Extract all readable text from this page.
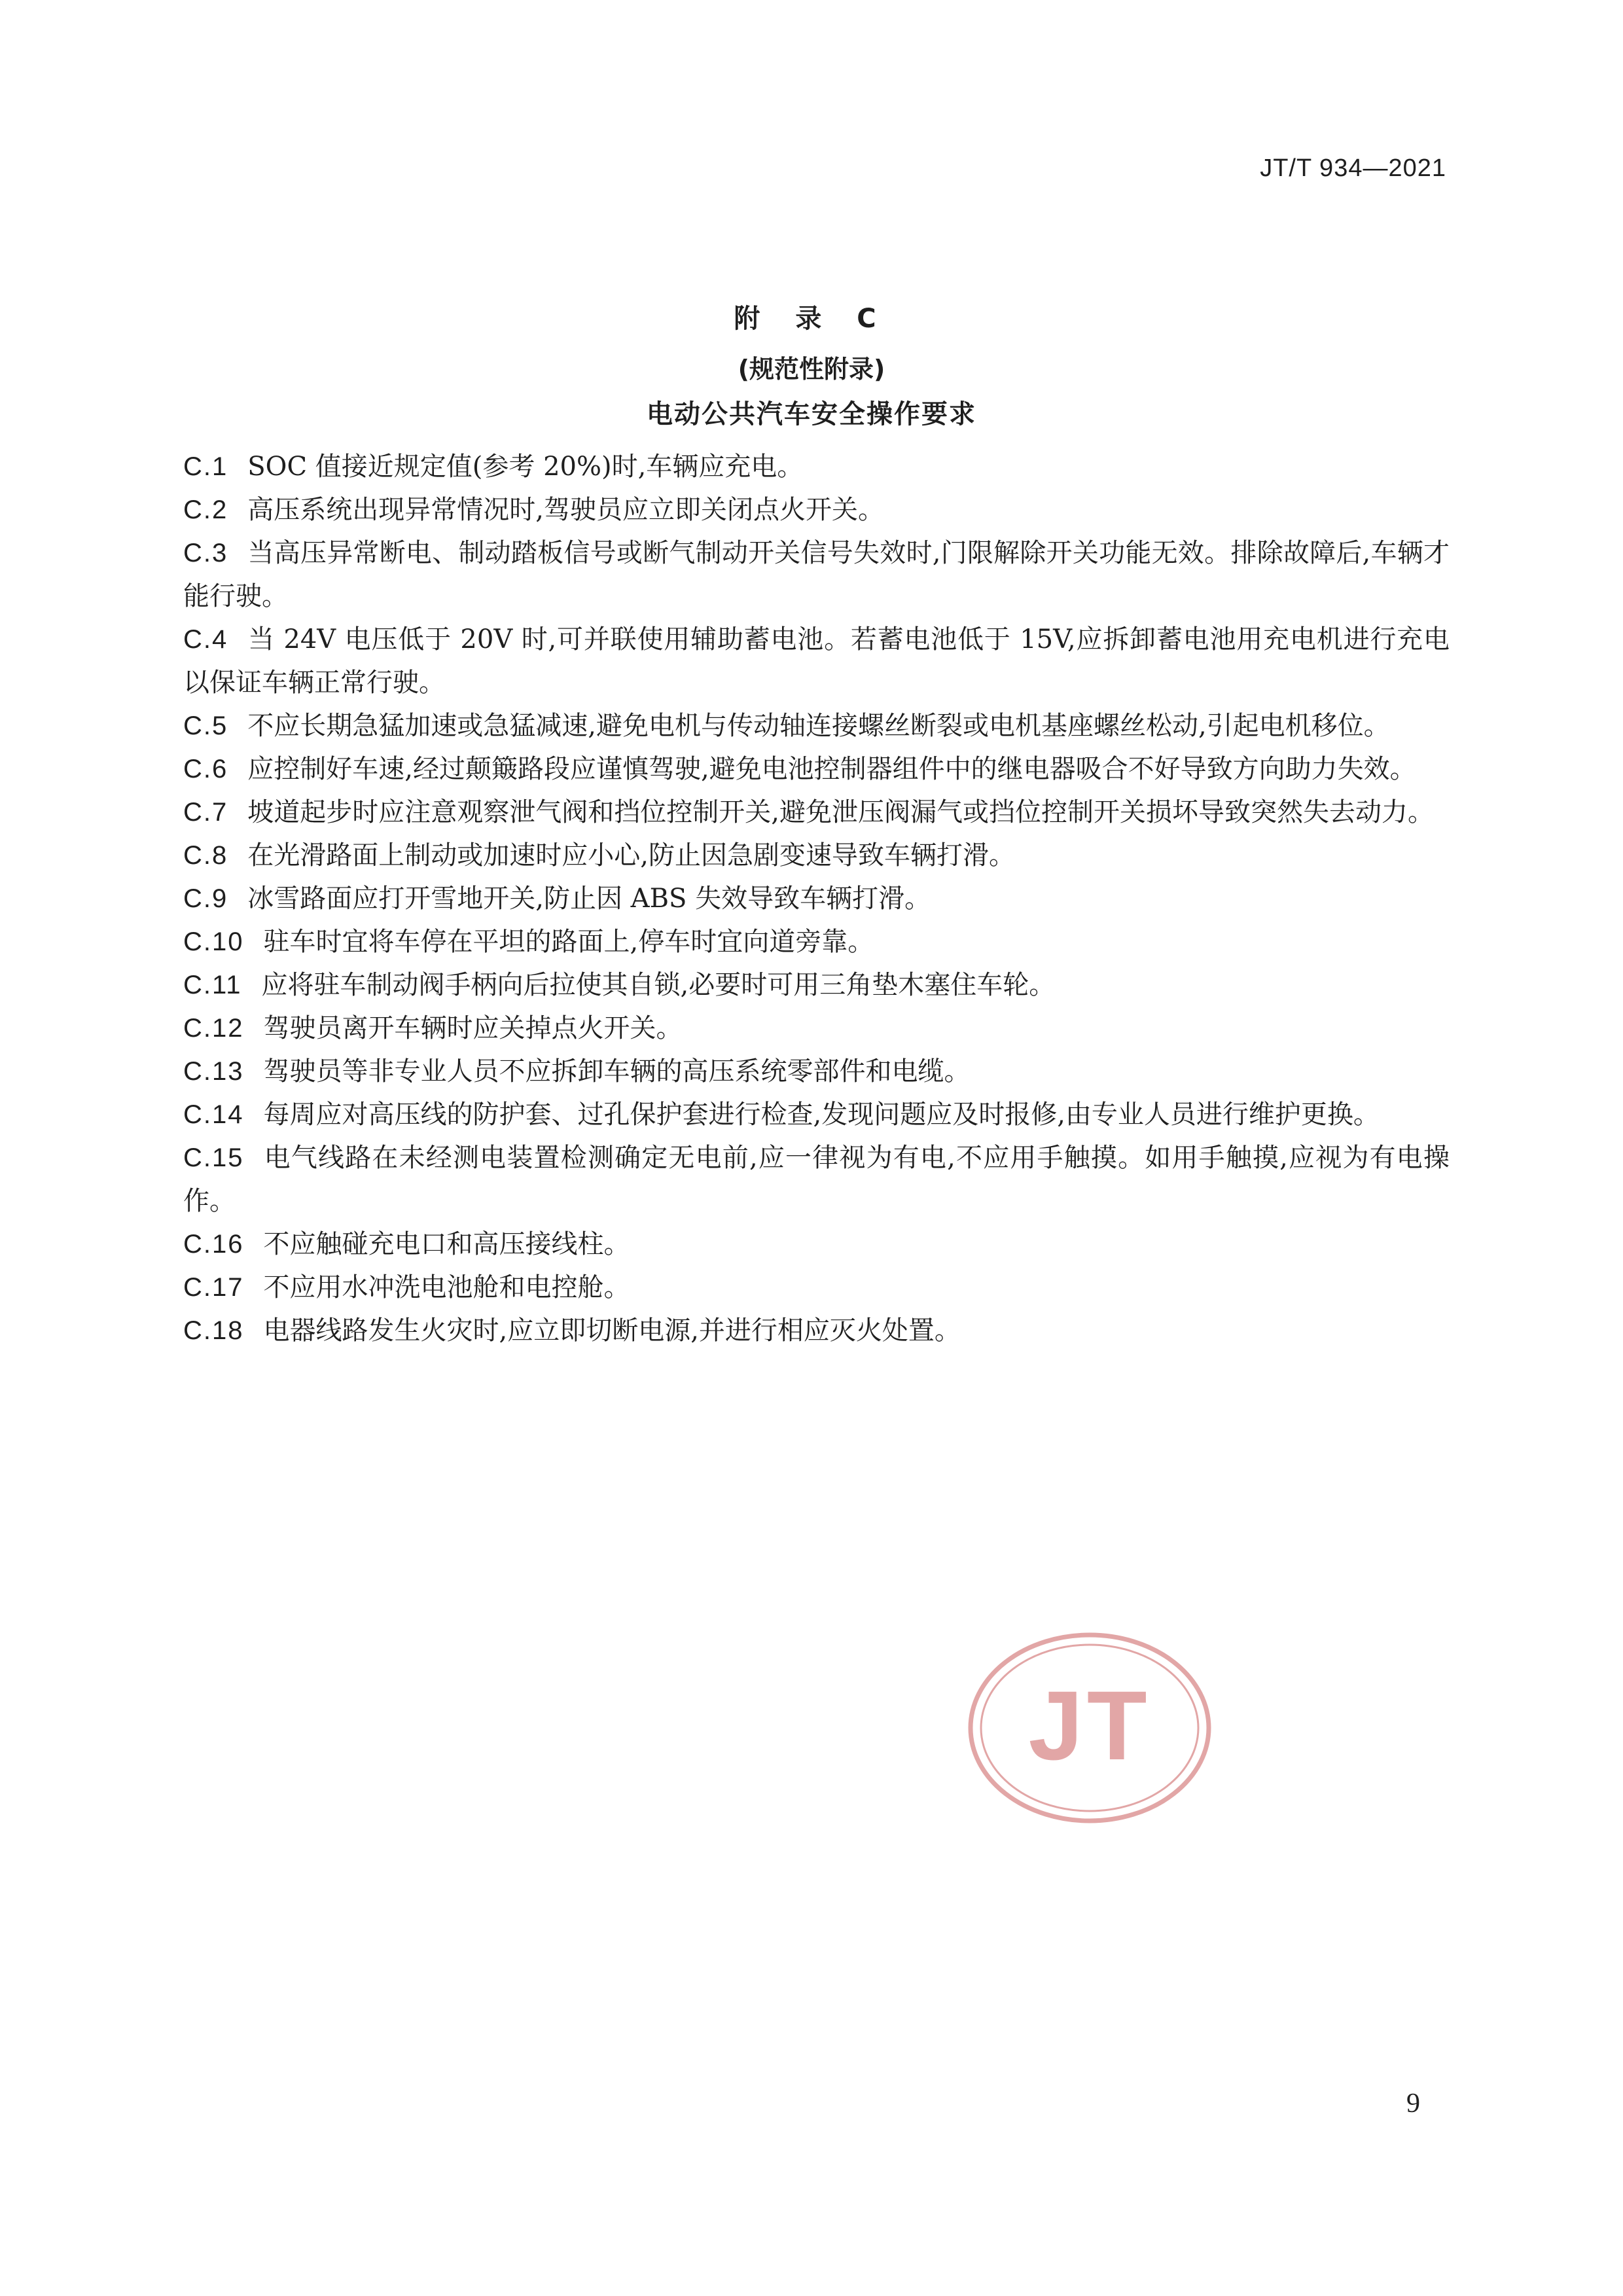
JT/T 934—2021
附 录 C
(规范性附录)
电动公共汽车安全操作要求

C.1 SOC 值接近规定值(参考 20%)时,车辆应充电。

C.2 高压系统出现异常情况时,驾驶员应立即关闭点火开关。

C.3 当高压异常断电、制动踏板信号或断气制动开关信号失效时,门限解除开关功能无效。排除故障后,车辆才能行驶。

C.4 当 24V 电压低于 20V 时,可并联使用辅助蓄电池。若蓄电池低于 15V,应拆卸蓄电池用充电机进行充电以保证车辆正常行驶。

C.5 不应长期急猛加速或急猛减速,避免电机与传动轴连接螺丝断裂或电机基座螺丝松动,引起电机移位。

C.6 应控制好车速,经过颠簸路段应谨慎驾驶,避免电池控制器组件中的继电器吸合不好导致方向助力失效。

C.7 坡道起步时应注意观察泄气阀和挡位控制开关,避免泄压阀漏气或挡位控制开关损坏导致突然失去动力。

C.8 在光滑路面上制动或加速时应小心,防止因急剧变速导致车辆打滑。

C.9 冰雪路面应打开雪地开关,防止因 ABS 失效导致车辆打滑。

C.10 驻车时宜将车停在平坦的路面上,停车时宜向道旁靠。

C.11 应将驻车制动阀手柄向后拉使其自锁,必要时可用三角垫木塞住车轮。

C.12 驾驶员离开车辆时应关掉点火开关。

C.13 驾驶员等非专业人员不应拆卸车辆的高压系统零部件和电缆。

C.14 每周应对高压线的防护套、过孔保护套进行检查,发现问题应及时报修,由专业人员进行维护更换。

C.15 电气线路在未经测电装置检测确定无电前,应一律视为有电,不应用手触摸。如用手触摸,应视为有电操作。

C.16 不应触碰充电口和高压接线柱。

C.17 不应用水冲洗电池舱和电控舱。

C.18 电器线路发生火灾时,应立即切断电源,并进行相应灭火处置。

JT
9
